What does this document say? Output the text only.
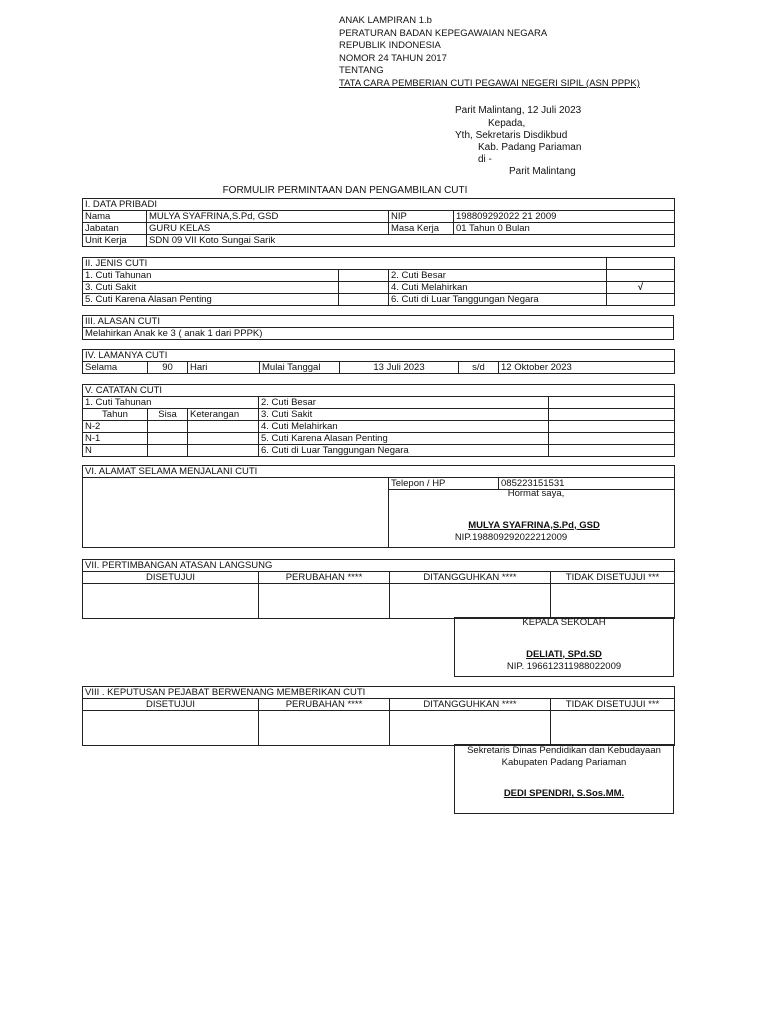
ANAK LAMPIRAN 1.b
PERATURAN BADAN KEPEGAWAIAN NEGARA
REPUBLIK INDONESIA
NOMOR 24 TAHUN 2017
TENTANG
TATA CARA PEMBERIAN CUTI PEGAWAI NEGERI SIPIL (ASN PPPK)
Parit Malintang, 12 Juli 2023
Kepada,
Yth, Sekretaris Disdikbud
Kab. Padang Pariaman
di -
Parit Malintang
FORMULIR PERMINTAAN DAN PENGAMBILAN CUTI
I. DATA PRIBADI			
Nama	MULYA SYAFRINA,S.Pd, GSD	NIP	198809292022 21 2009
Jabatan	GURU KELAS	Masa Kerja	01 Tahun 0 Bulan
Unit Kerja	SDN 09 VII Koto Sungai Sarik		
II. JENIS CUTI			
1. Cuti Tahunan		2. Cuti Besar	
3. Cuti Sakit		4. Cuti Melahirkan	√
5. Cuti Karena Alasan Penting		6. Cuti di Luar Tanggungan Negara	
III. ALASAN CUTI
Melahirkan Anak ke 3 ( anak 1 dari PPPK)
IV. LAMANYA CUTI
Selama	90	Hari	Mulai Tanggal	13 Juli 2023	s/d	12 Oktober 2023
V. CATATAN CUTI				
1. Cuti Tahunan			2. Cuti Besar	
Tahun	Sisa	Keterangan	3. Cuti Sakit	
N-2			4. Cuti Melahirkan	
N-1			5. Cuti Karena Alasan Penting	
N			6. Cuti di Luar Tanggungan Negara	
VI. ALAMAT SELAMA MENJALANI CUTI
	Telepon / HP	085223151531

Hormat saya,
MULYA SYAFRINA,S.Pd, GSD
NIP.198809292022212009
VII. PERTIMBANGAN ATASAN LANGSUNG			
DISETUJUI	PERUBAHAN ****	DITANGGUHKAN ****	TIDAK DISETUJUI ***

KEPALA SEKOLAH
DELIATI, SPd.SD
NIP. 196612311988022009
VIII . KEPUTUSAN PEJABAT BERWENANG MEMBERIKAN CUTI			
DISETUJUI	PERUBAHAN ****	DITANGGUHKAN ****	TIDAK DISETUJUI ***

Sekretaris Dinas Pendidikan dan Kebudayaan
Kabupaten Padang Pariaman
DEDI SPENDRI, S.Sos.MM.
